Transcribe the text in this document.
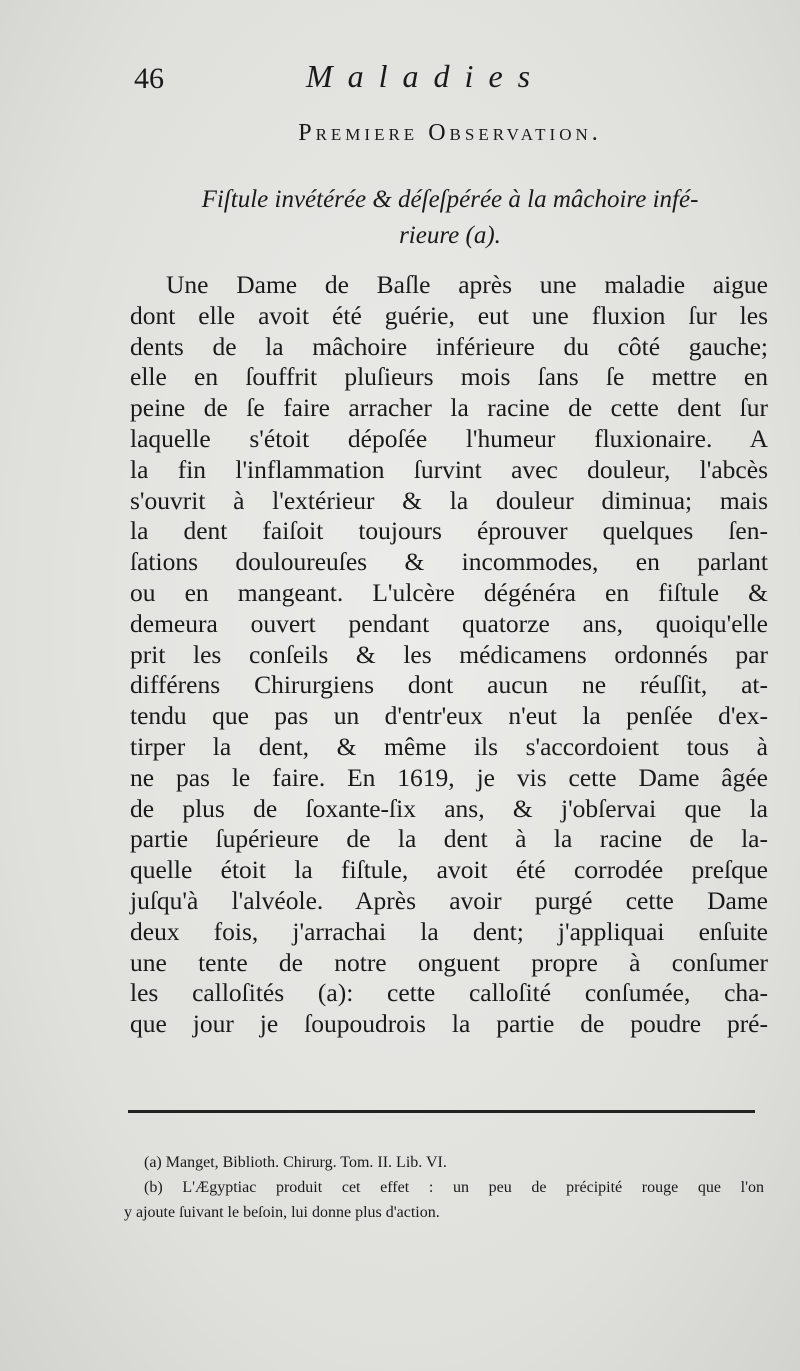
46	Maladies
Premiere Observation.
Fiſtule invétérée & déſeſpérée à la mâchoire infé-
rieure (a).
Une Dame de Baſle après une maladie aigue
dont elle avoit été guérie, eut une fluxion ſur les
dents de la mâchoire inférieure du côté gauche;
elle en ſouffrit pluſieurs mois ſans ſe mettre en
peine de ſe faire arracher la racine de cette dent ſur
laquelle s'étoit dépoſée l'humeur fluxionaire. A
la fin l'inflammation ſurvint avec douleur, l'abcès
s'ouvrit à l'extérieur & la douleur diminua; mais
la dent faiſoit toujours éprouver quelques ſen-
ſations douloureuſes & incommodes, en parlant
ou en mangeant. L'ulcère dégénéra en fiſtule &
demeura ouvert pendant quatorze ans, quoiqu'elle
prit les conſeils & les médicamens ordonnés par
différens Chirurgiens dont aucun ne réuſſit, at-
tendu que pas un d'entr'eux n'eut la penſée d'ex-
tirper la dent, & même ils s'accordoient tous à
ne pas le faire. En 1619, je vis cette Dame âgée
de plus de ſoxante-ſix ans, & j'obſervai que la
partie ſupérieure de la dent à la racine de la-
quelle étoit la fiſtule, avoit été corrodée preſque
juſqu'à l'alvéole. Après avoir purgé cette Dame
deux fois, j'arrachai la dent; j'appliquai enſuite
une tente de notre onguent propre à conſumer
les calloſités (a): cette calloſité conſumée, cha-
que jour je ſoupoudrois la partie de poudre pré-
(a) Manget, Biblioth. Chirurg. Tom. II. Lib. VI.
(b) L'Ægyptiac produit cet effet : un peu de précipité rouge que l'on
y ajoute ſuivant le beſoin, lui donne plus d'action.
